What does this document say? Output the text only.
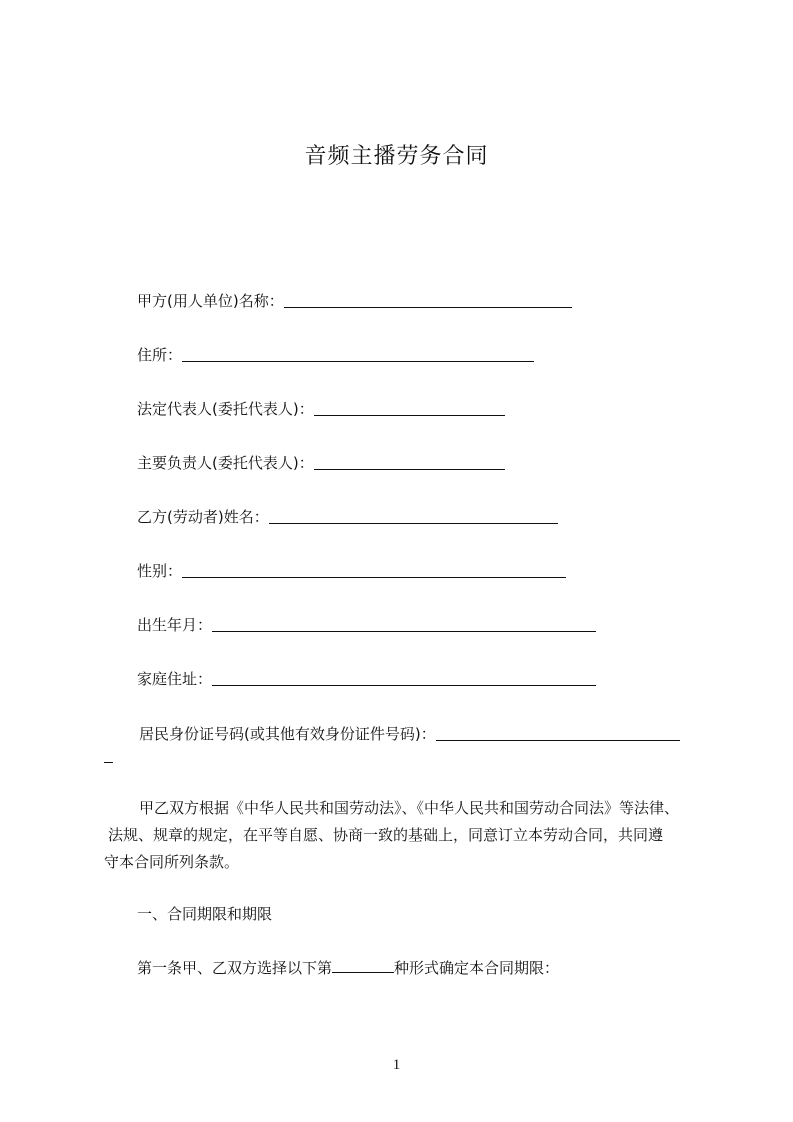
音频主播劳务合同
甲方(用人单位)名称：
住所：
法定代表人(委托代表人)：
主要负责人(委托代表人)：
乙方(劳动者)姓名：
性别：
出生年月：
家庭住址：
居民身份证号码(或其他有效身份证件号码)：
甲乙双方根据《中华人民共和国劳动法》、《中华人民共和国劳动合同法》等法律、
法规、规章的规定，在平等自愿、协商一致的基础上，同意订立本劳动合同，共同遵
守本合同所列条款。
一、合同期限和期限
第一条甲、乙双方选择以下第	种形式确定本合同期限：
1
